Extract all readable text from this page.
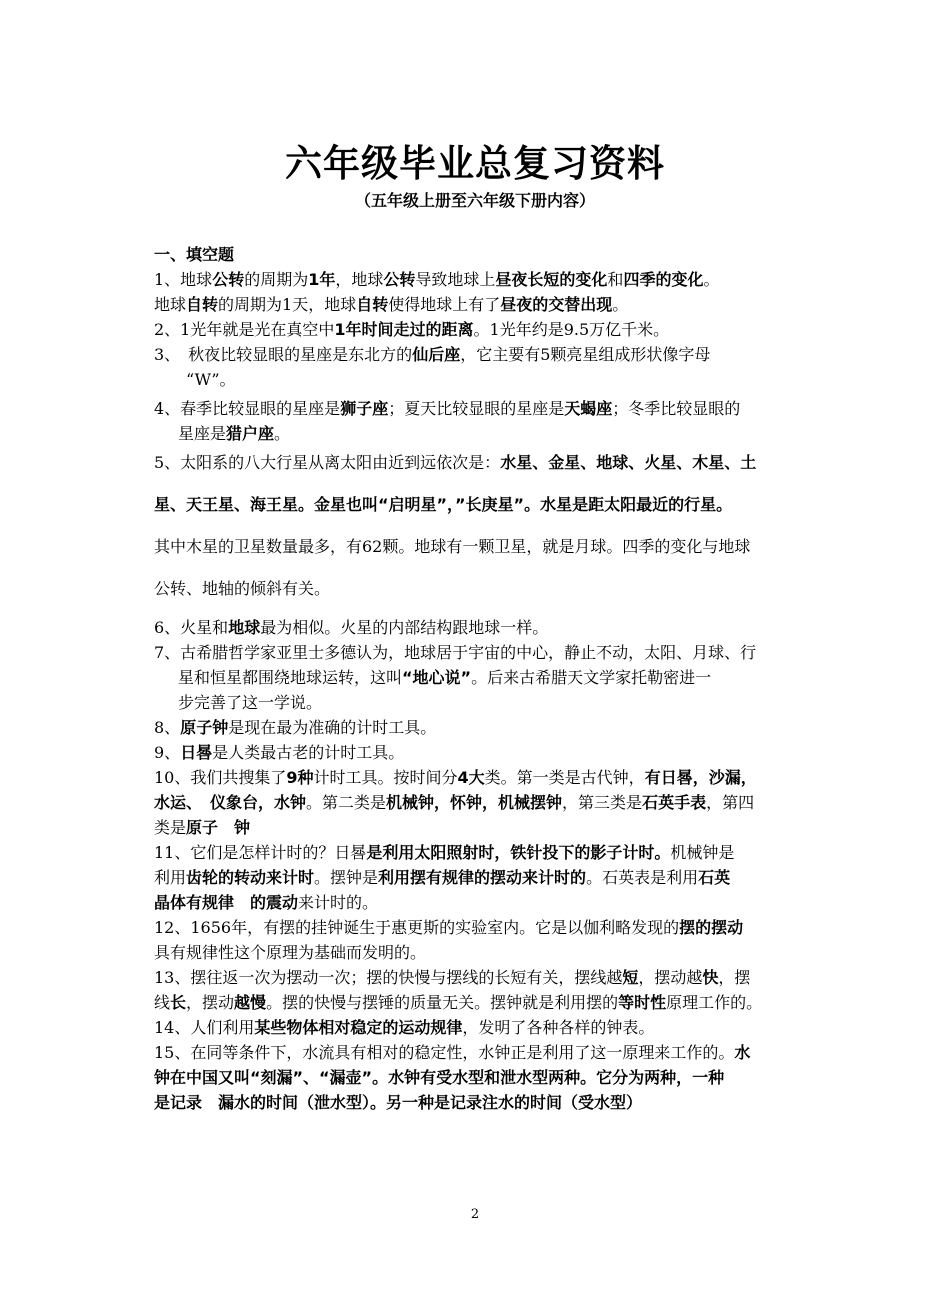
六年级毕业总复习资料
（五年级上册至六年级下册内容）
一、填空题
1、地球公转的周期为1年，地球公转导致地球上昼夜长短的变化和四季的变化。
地球自转的周期为1天，地球自转使得地球上有了昼夜的交替出现。
2、1光年就是光在真空中1年时间走过的距离。1光年约是9.5万亿千米。
3、　秋夜比较显眼的星座是东北方的仙后座，它主要有5颗亮星组成形状像字母
“W”。
4、春季比较显眼的星座是狮子座；夏天比较显眼的星座是天蝎座；冬季比较显眼的
星座是猎户座。
5、太阳系的八大行星从离太阳由近到远依次是：水星、金星、地球、火星、木星、土
星、天王星、海王星。金星也叫“启明星”，”长庚星”。水星是距太阳最近的行星。
其中木星的卫星数量最多，有62颗。地球有一颗卫星，就是月球。四季的变化与地球
公转、地轴的倾斜有关。
6、火星和地球最为相似。火星的内部结构跟地球一样。
7、古希腊哲学家亚里士多德认为，地球居于宇宙的中心，静止不动，太阳、月球、行
星和恒星都围绕地球运转，这叫“地心说”。后来古希腊天文学家托勒密进一
步完善了这一学说。
8、原子钟是现在最为准确的计时工具。
9、日晷是人类最古老的计时工具。
10、我们共搜集了9种计时工具。按时间分4大类。第一类是古代钟，有日晷，沙漏，
水运、　仪象台，水钟。第二类是机械钟，怀钟，机械摆钟，第三类是石英手表，第四
类是原子　钟
11、它们是怎样计时的？日晷是利用太阳照射时，铁针投下的影子计时。机械钟是
利用齿轮的转动来计时。摆钟是利用摆有规律的摆动来计时的。石英表是利用石英
晶体有规律　的震动来计时的。
12、1656年，有摆的挂钟诞生于惠更斯的实验室内。它是以伽利略发现的摆的摆动
具有规律性这个原理为基础而发明的。
13、摆往返一次为摆动一次；摆的快慢与摆线的长短有关，摆线越短，摆动越快，摆
线长，摆动越慢。摆的快慢与摆锤的质量无关。摆钟就是利用摆的等时性原理工作的。
14、人们利用某些物体相对稳定的运动规律，发明了各种各样的钟表。
15、在同等条件下，水流具有相对的稳定性，水钟正是利用了这一原理来工作的。水
钟在中国又叫“刻漏”、“漏壶”。水钟有受水型和泄水型两种。它分为两种，一种
是记录　漏水的时间（泄水型）。另一种是记录注水的时间（受水型）
2
